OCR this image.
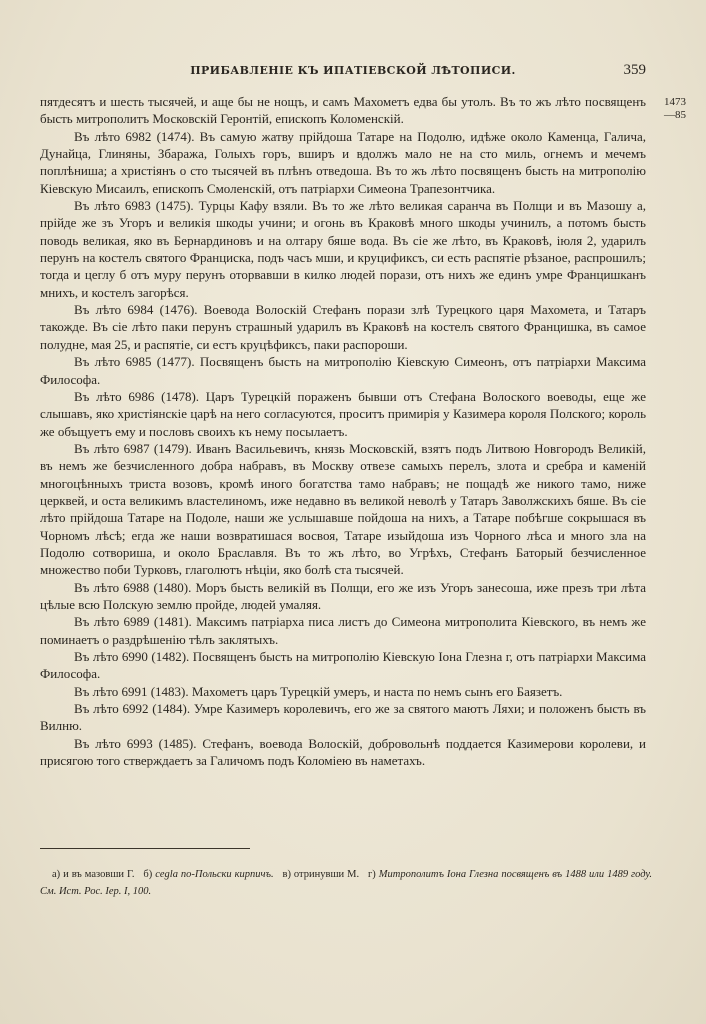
ПРИБАВЛЕНІЕ КЪ ИПАТІЕВСКОЙ ЛѢТОПИСИ.	359
1473
—85

пятдесятъ и шесть тысячей, и аще бы не нощъ, и самъ Махометъ едва бы утолъ. Въ то жъ лѣто посвященъ бысть митрополитъ Московскій Геронтій, епископъ Коломенскій.

Въ лѣто 6982 (1474). Въ самую жатву прійдоша Татаре на Подолю, идѣже около Каменца, Галича, Дунайца, Глиняны, Збаража, Голыхъ горъ, вширъ и вдолжъ мало не на сто миль, огнемъ и мечемъ поплѣниша; а христіянъ о сто тысячей въ плѣнъ отведоша. Въ то жъ лѣто посвященъ бысть на митрополію Кіевскую Мисаилъ, епископъ Смоленскій, отъ патріархи Симеона Трапезонтчика.

Въ лѣто 6983 (1475). Турцы Кафу взяли. Въ то же лѣто великая саранча въ Полщи и въ Мазошу а, прійде же зъ Угоръ и великія шкоды учини; и огонь въ Краковѣ много шкоды учинилъ, а потомъ бысть поводь великая, яко въ Бернардиновъ и на олтару бяше вода. Въ сіе же лѣто, въ Краковѣ, іюля 2, ударилъ перунъ на костелъ святого Франциска, подъ часъ мши, и круцификсъ, си есть распятіе рѣзаное, распрошилъ; тогда и цеглу б отъ муру перунъ оторвавши в килко людей порази, отъ нихъ же единъ умре Францишканъ мнихъ, и костелъ загорѣся.

Въ лѣто 6984 (1476). Воевода Волоскій Стефанъ порази злѣ Турецкого царя Махомета, и Татаръ такожде. Въ сіе лѣто паки перунъ страшный ударилъ въ Краковѣ на костелъ святого Францишка, въ самое полудне, мая 25, и распятіе, си естъ круцѣфиксъ, паки распороши.

Въ лѣто 6985 (1477). Посвященъ бысть на митрополію Кіевскую Симеонъ, отъ патріархи Максима Философа.

Въ лѣто 6986 (1478). Царъ Турецкій пораженъ бывши отъ Стефана Волоского воеводы, еще же слышавъ, яко христіянскіе царѣ на него согласуются, проситъ примирія у Казимера короля Полского; король же объщуетъ ему и пословъ своихъ къ нему посылаетъ.

Въ лѣто 6987 (1479). Иванъ Васильевичъ, князь Московскій, взятъ подъ Литвою Новгородъ Великій, въ немъ же безчисленного добра набравъ, въ Москву отвезе самыхъ перелъ, злота и сребра и каменій многоцѣнныхъ триста возовъ, кромѣ иного богатства тамо набравъ; не пощадѣ же никого тамо, ниже церквей, и оста великимъ властелиномъ, иже недавно въ великой неволѣ у Татаръ Заволжскихъ бяше. Въ сіе лѣто прійдоша Татаре на Подоле, наши же услышавше пойдоша на нихъ, а Татаре побѣгше сокрышася въ Чорномъ лѣсѣ; егда же наши возвратишася восвоя, Татаре изыйдоша изъ Чорного лѣса и много зла на Подолю сотвориша, и около Браславля. Въ то жъ лѣто, во Угрѣхъ, Стефанъ Баторый безчисленное множество поби Турковъ, глаголютъ нѣціи, яко болѣ ста тысячей.

Въ лѣто 6988 (1480). Моръ бысть великій въ Полщи, его же изъ Угоръ занесоша, иже презъ три лѣта цѣлые всю Полскую землю пройде, людей умаляя.

Въ лѣто 6989 (1481). Максимъ патріарха писа листъ до Симеона митрополита Кіевского, въ немъ же поминаетъ о раздрѣшенію тѣлъ заклятыхъ.

Въ лѣто 6990 (1482). Посвященъ бысть на митрополію Кіевскую Іона Глезна г, отъ патріархи Максима Философа.

Въ лѣто 6991 (1483). Махометъ царъ Турецкій умеръ, и наста по немъ сынъ его Баязетъ.

Въ лѣто 6992 (1484). Умре Казимеръ королевичъ, его же за святого маютъ Ляхи; и положенъ бысть въ Вилню.

Въ лѣто 6993 (1485). Стефанъ, воевода Волоскій, добровольнѣ поддается Казимерови королеви, и присягою того стверждаетъ за Галичомъ подъ Коломіею въ наметахъ.

а) и въ мазовши Г. б) cegla по-Польски кирпичъ. в) отринувши М. г) Митрополитъ Іона Глезна посвященъ въ 1488 или 1489 году. См. Ист. Рос. Іер. I, 100.
